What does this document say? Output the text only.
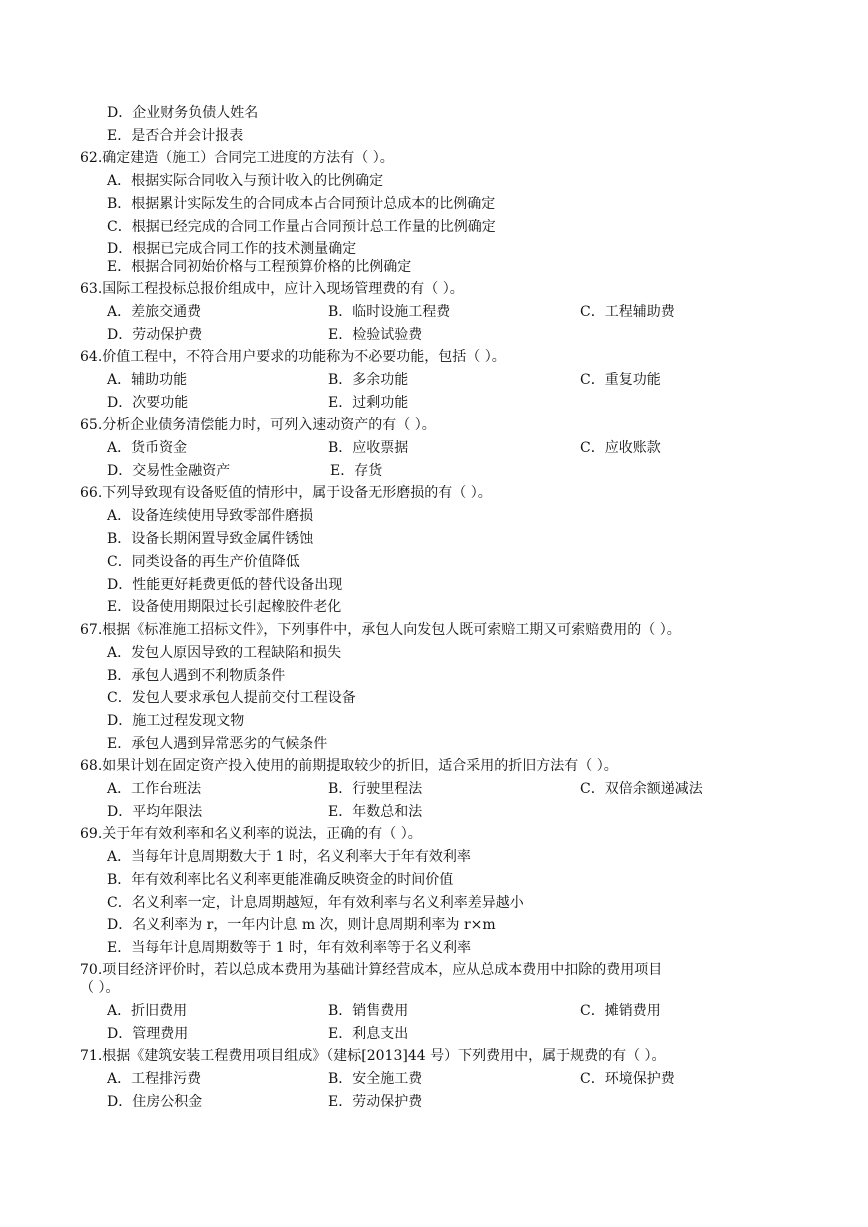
D．企业财务负债人姓名
E．是否合并会计报表
62.确定建造（施工）合同完工进度的方法有（ ）。
A．根据实际合同收入与预计收入的比例确定
B．根据累计实际发生的合同成本占合同预计总成本的比例确定
C．根据已经完成的合同工作量占合同预计总工作量的比例确定
D．根据已完成合同工作的技术测量确定
E．根据合同初始价格与工程预算价格的比例确定
63.国际工程投标总报价组成中，应计入现场管理费的有（ ）。
A．差旅交通费	B．临时设施工程费	C．工程辅助费
D．劳动保护费	E．检验试验费
64.价值工程中，不符合用户要求的功能称为不必要功能，包括（ ）。
A．辅助功能	B．多余功能	C．重复功能
D．次要功能	E．过剩功能
65.分析企业债务清偿能力时，可列入速动资产的有（ ）。
A．货币资金	B．应收票据	C．应收账款
D．交易性金融资产	E．存货
66.下列导致现有设备贬值的情形中，属于设备无形磨损的有（ ）。
A．设备连续使用导致零部件磨损
B．设备长期闲置导致金属件锈蚀
C．同类设备的再生产价值降低
D．性能更好耗费更低的替代设备出现
E．设备使用期限过长引起橡胶件老化
67.根据《标准施工招标文件》，下列事件中，承包人向发包人既可索赔工期又可索赔费用的（ ）。
A．发包人原因导致的工程缺陷和损失
B．承包人遇到不利物质条件
C．发包人要求承包人提前交付工程设备
D．施工过程发现文物
E．承包人遇到异常恶劣的气候条件
68.如果计划在固定资产投入使用的前期提取较少的折旧，适合采用的折旧方法有（ ）。
A．工作台班法	B．行驶里程法	C．双倍余额递减法
D．平均年限法	E．年数总和法
69.关于年有效利率和名义利率的说法，正确的有（ ）。
A．当每年计息周期数大于 1 时，名义利率大于年有效利率
B．年有效利率比名义利率更能准确反映资金的时间价值
C．名义利率一定，计息周期越短，年有效利率与名义利率差异越小
D．名义利率为 r，一年内计息 m 次，则计息周期利率为 r×m
E．当每年计息周期数等于 1 时，年有效利率等于名义利率
70.项目经济评价时，若以总成本费用为基础计算经营成本，应从总成本费用中扣除的费用项目
（ ）。
A．折旧费用	B．销售费用	C．摊销费用
D．管理费用	E．利息支出
71.根据《建筑安装工程费用项目组成》（建标[2013]44 号）下列费用中，属于规费的有（ ）。
A．工程排污费	B．安全施工费	C．环境保护费
D．住房公积金	E．劳动保护费
